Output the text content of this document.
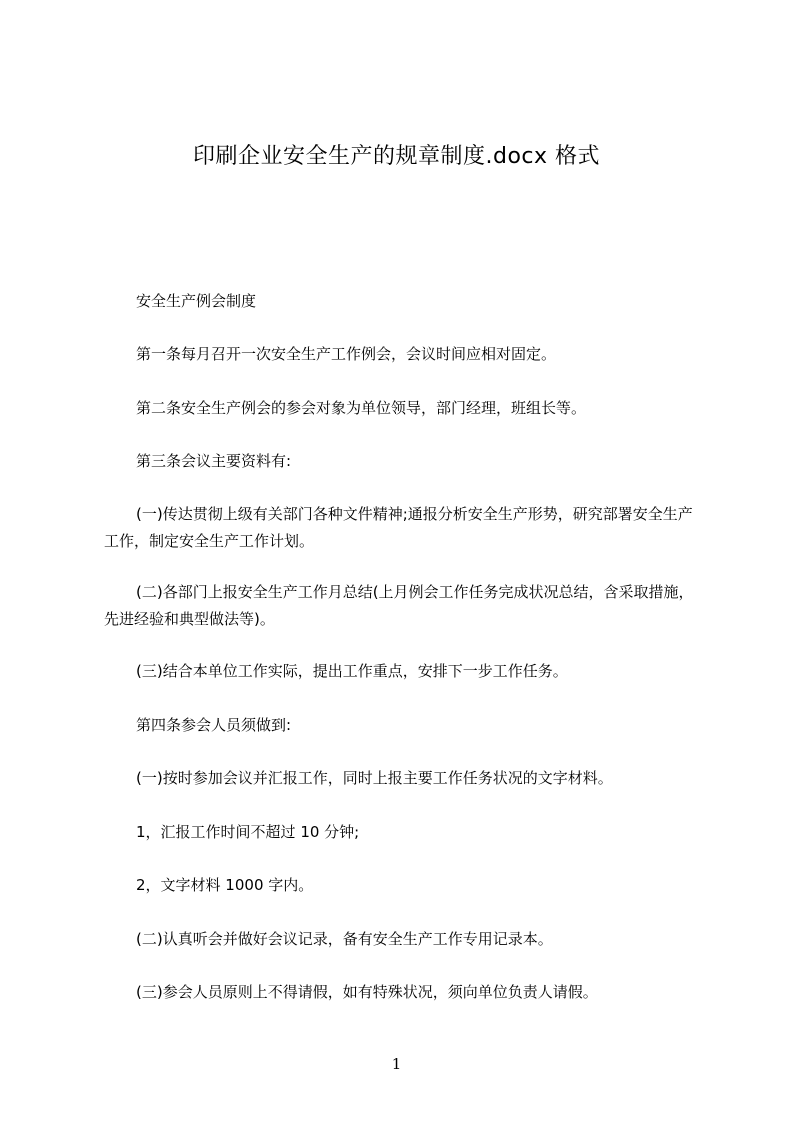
印刷企业安全生产的规章制度.docx 格式
安全生产例会制度
第一条每月召开一次安全生产工作例会，会议时间应相对固定。
第二条安全生产例会的参会对象为单位领导，部门经理，班组长等。
第三条会议主要资料有:
(一)传达贯彻上级有关部门各种文件精神;通报分析安全生产形势，研究部署安全生产工作，制定安全生产工作计划。
(二)各部门上报安全生产工作月总结(上月例会工作任务完成状况总结，含采取措施，先进经验和典型做法等)。
(三)结合本单位工作实际，提出工作重点，安排下一步工作任务。
第四条参会人员须做到:
(一)按时参加会议并汇报工作，同时上报主要工作任务状况的文字材料。
1，汇报工作时间不超过 10 分钟;
2，文字材料 1000 字内。
(二)认真听会并做好会议记录，备有安全生产工作专用记录本。
(三)参会人员原则上不得请假，如有特殊状况，须向单位负责人请假。
1
